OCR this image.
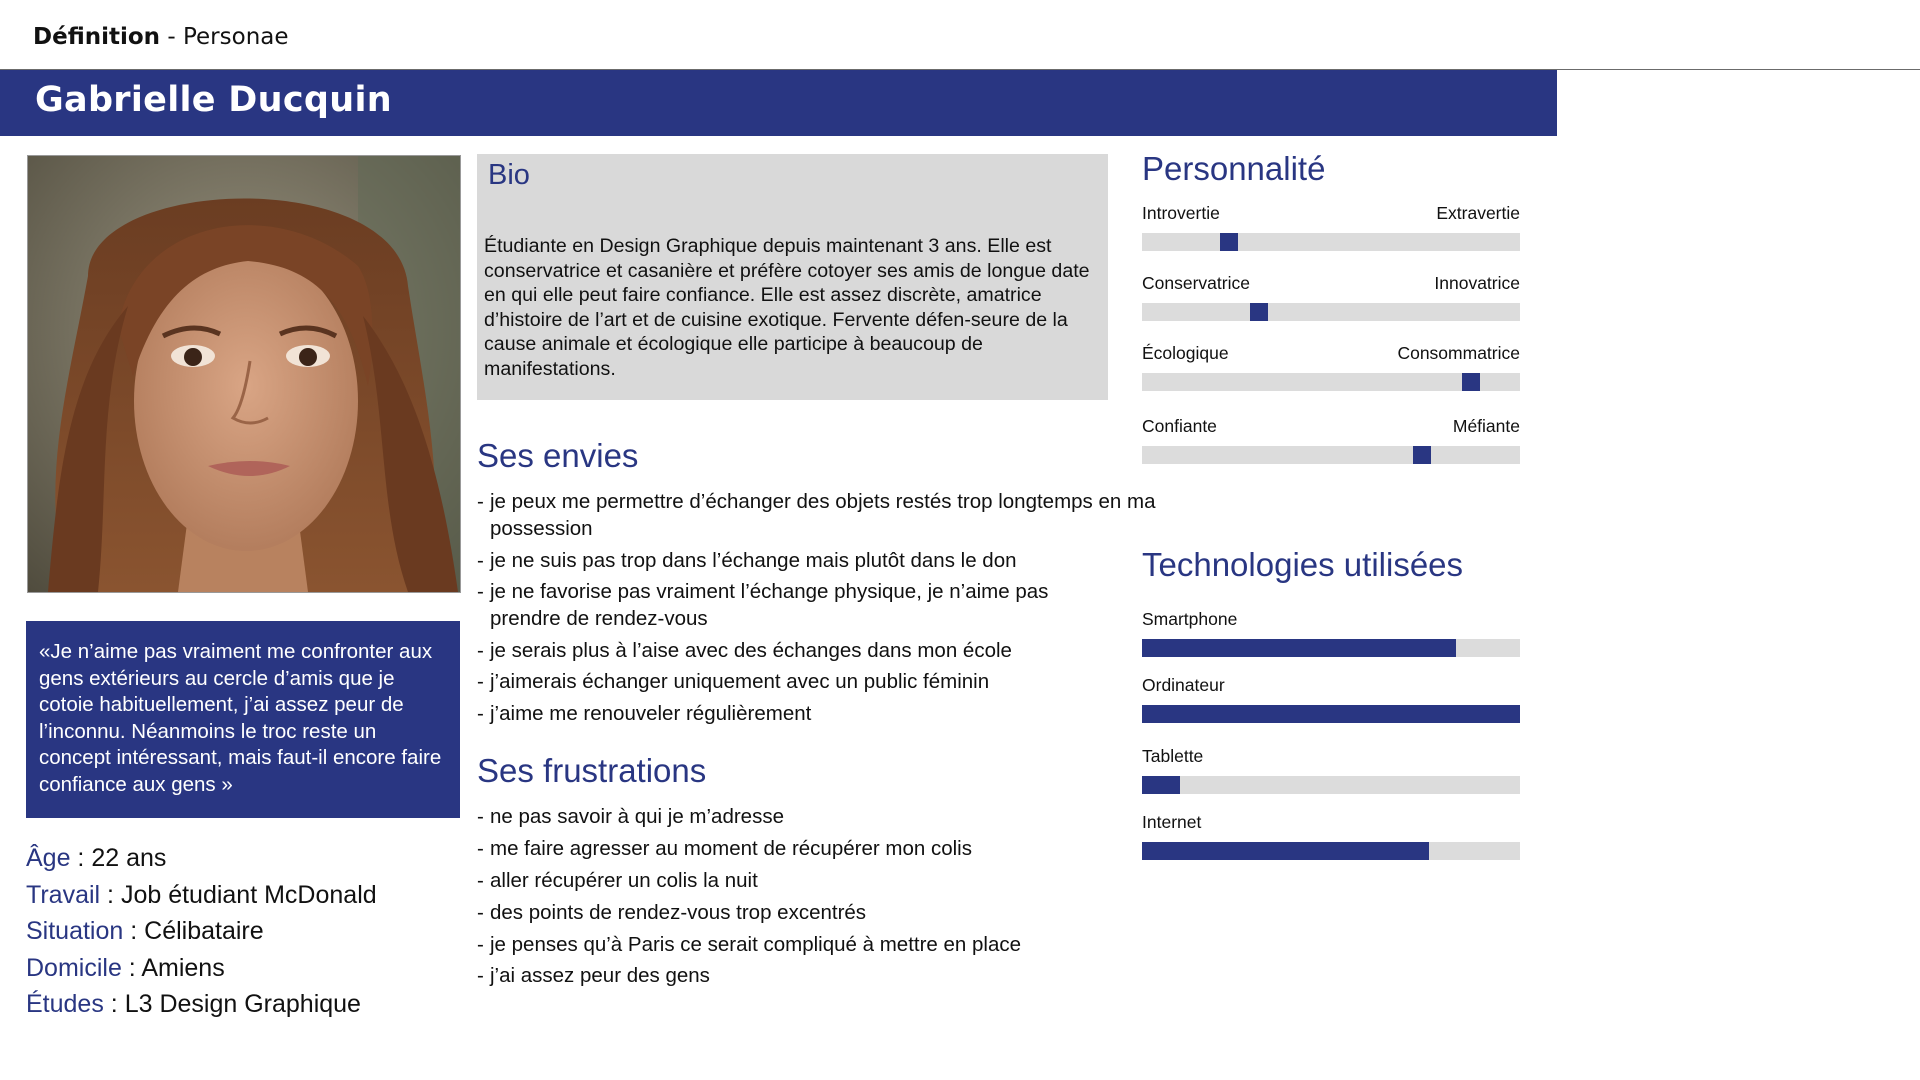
Définition - Personae
Gabrielle Ducquin
«Je n’aime pas vraiment me confronter aux gens extérieurs au cercle d’amis que je cotoie habituellement, j’ai assez peur de l’inconnu. Néanmoins le troc reste un concept intéressant, mais faut-il encore faire confiance aux gens »
Âge : 22 ans
Travail : Job étudiant McDonald
Situation : Célibataire
Domicile : Amiens
Études : L3 Design Graphique
Bio
Étudiante en Design Graphique depuis maintenant 3 ans. Elle est conservatrice et casanière et préfère cotoyer ses amis de longue date en qui elle peut faire confiance. Elle est assez discrète, amatrice d’histoire de l’art et de cuisine exotique. Fervente défen-seure de la cause animale et écologique elle participe à beaucoup de manifestations.
Ses envies
- je peux me permettre d’échanger des objets restés trop longtemps en ma possession
- je ne suis pas trop dans l’échange mais plutôt dans le don
- je ne favorise pas vraiment l’échange physique, je n’aime pas prendre de rendez-vous
- je serais plus à l’aise avec des échanges dans mon école
- j’aimerais échanger uniquement avec un public féminin
- j’aime me renouveler régulièrement
Ses frustrations
- ne pas savoir à qui je m’adresse
- me faire agresser au moment de récupérer mon colis
- aller récupérer un colis la nuit
- des points de rendez-vous trop excentrés
- je penses qu’à Paris ce serait compliqué à mettre en place
- j’ai assez peur des gens
Personnalité
Introvertie	Extravertie
Conservatrice	Innovatrice
Écologique	Consommatrice
Confiante	Méfiante
Technologies utilisées
Smartphone
Ordinateur
Tablette
Internet
